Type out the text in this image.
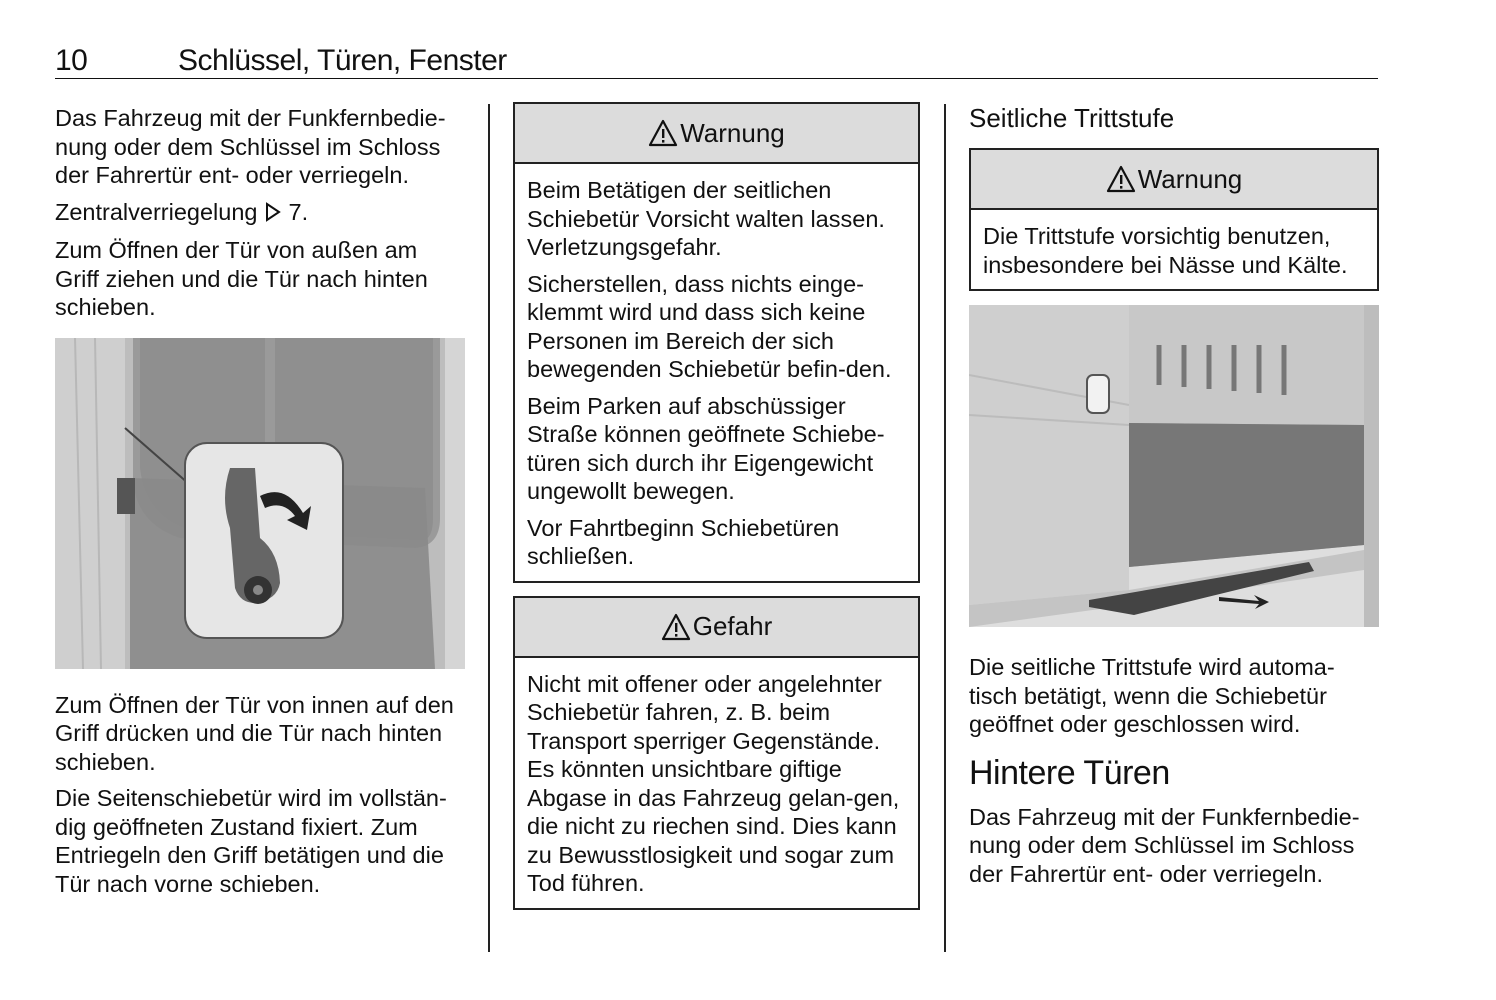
10	Schlüssel, Türen, Fenster

Das Fahrzeug mit der Funkfernbedie-nung oder dem Schlüssel im Schloss der Fahrertür ent- oder verriegeln.

Zentralverriegelung 7.

Zum Öffnen der Tür von außen am Griff ziehen und die Tür nach hinten schieben.

Zum Öffnen der Tür von innen auf den Griff drücken und die Tür nach hinten schieben.

Die Seitenschiebetür wird im vollstän-dig geöffneten Zustand fixiert. Zum Entriegeln den Griff betätigen und die Tür nach vorne schieben.

Warnung

Beim Betätigen der seitlichen Schiebetür Vorsicht walten lassen. Verletzungsgefahr.

Sicherstellen, dass nichts einge-klemmt wird und dass sich keine Personen im Bereich der sich bewegenden Schiebetür befin-den.

Beim Parken auf abschüssiger Straße können geöffnete Schiebe-türen sich durch ihr Eigengewicht ungewollt bewegen.

Vor Fahrtbeginn Schiebetüren schließen.

Gefahr

Nicht mit offener oder angelehnter Schiebetür fahren, z. B. beim Transport sperriger Gegenstände. Es könnten unsichtbare giftige Abgase in das Fahrzeug gelan-gen, die nicht zu riechen sind. Dies kann zu Bewusstlosigkeit und sogar zum Tod führen.

Seitliche Trittstufe
Warnung

Die Trittstufe vorsichtig benutzen, insbesondere bei Nässe und Kälte.

Die seitliche Trittstufe wird automa-tisch betätigt, wenn die Schiebetür geöffnet oder geschlossen wird.

Hintere Türen

Das Fahrzeug mit der Funkfernbedie-nung oder dem Schlüssel im Schloss der Fahrertür ent- oder verriegeln.
